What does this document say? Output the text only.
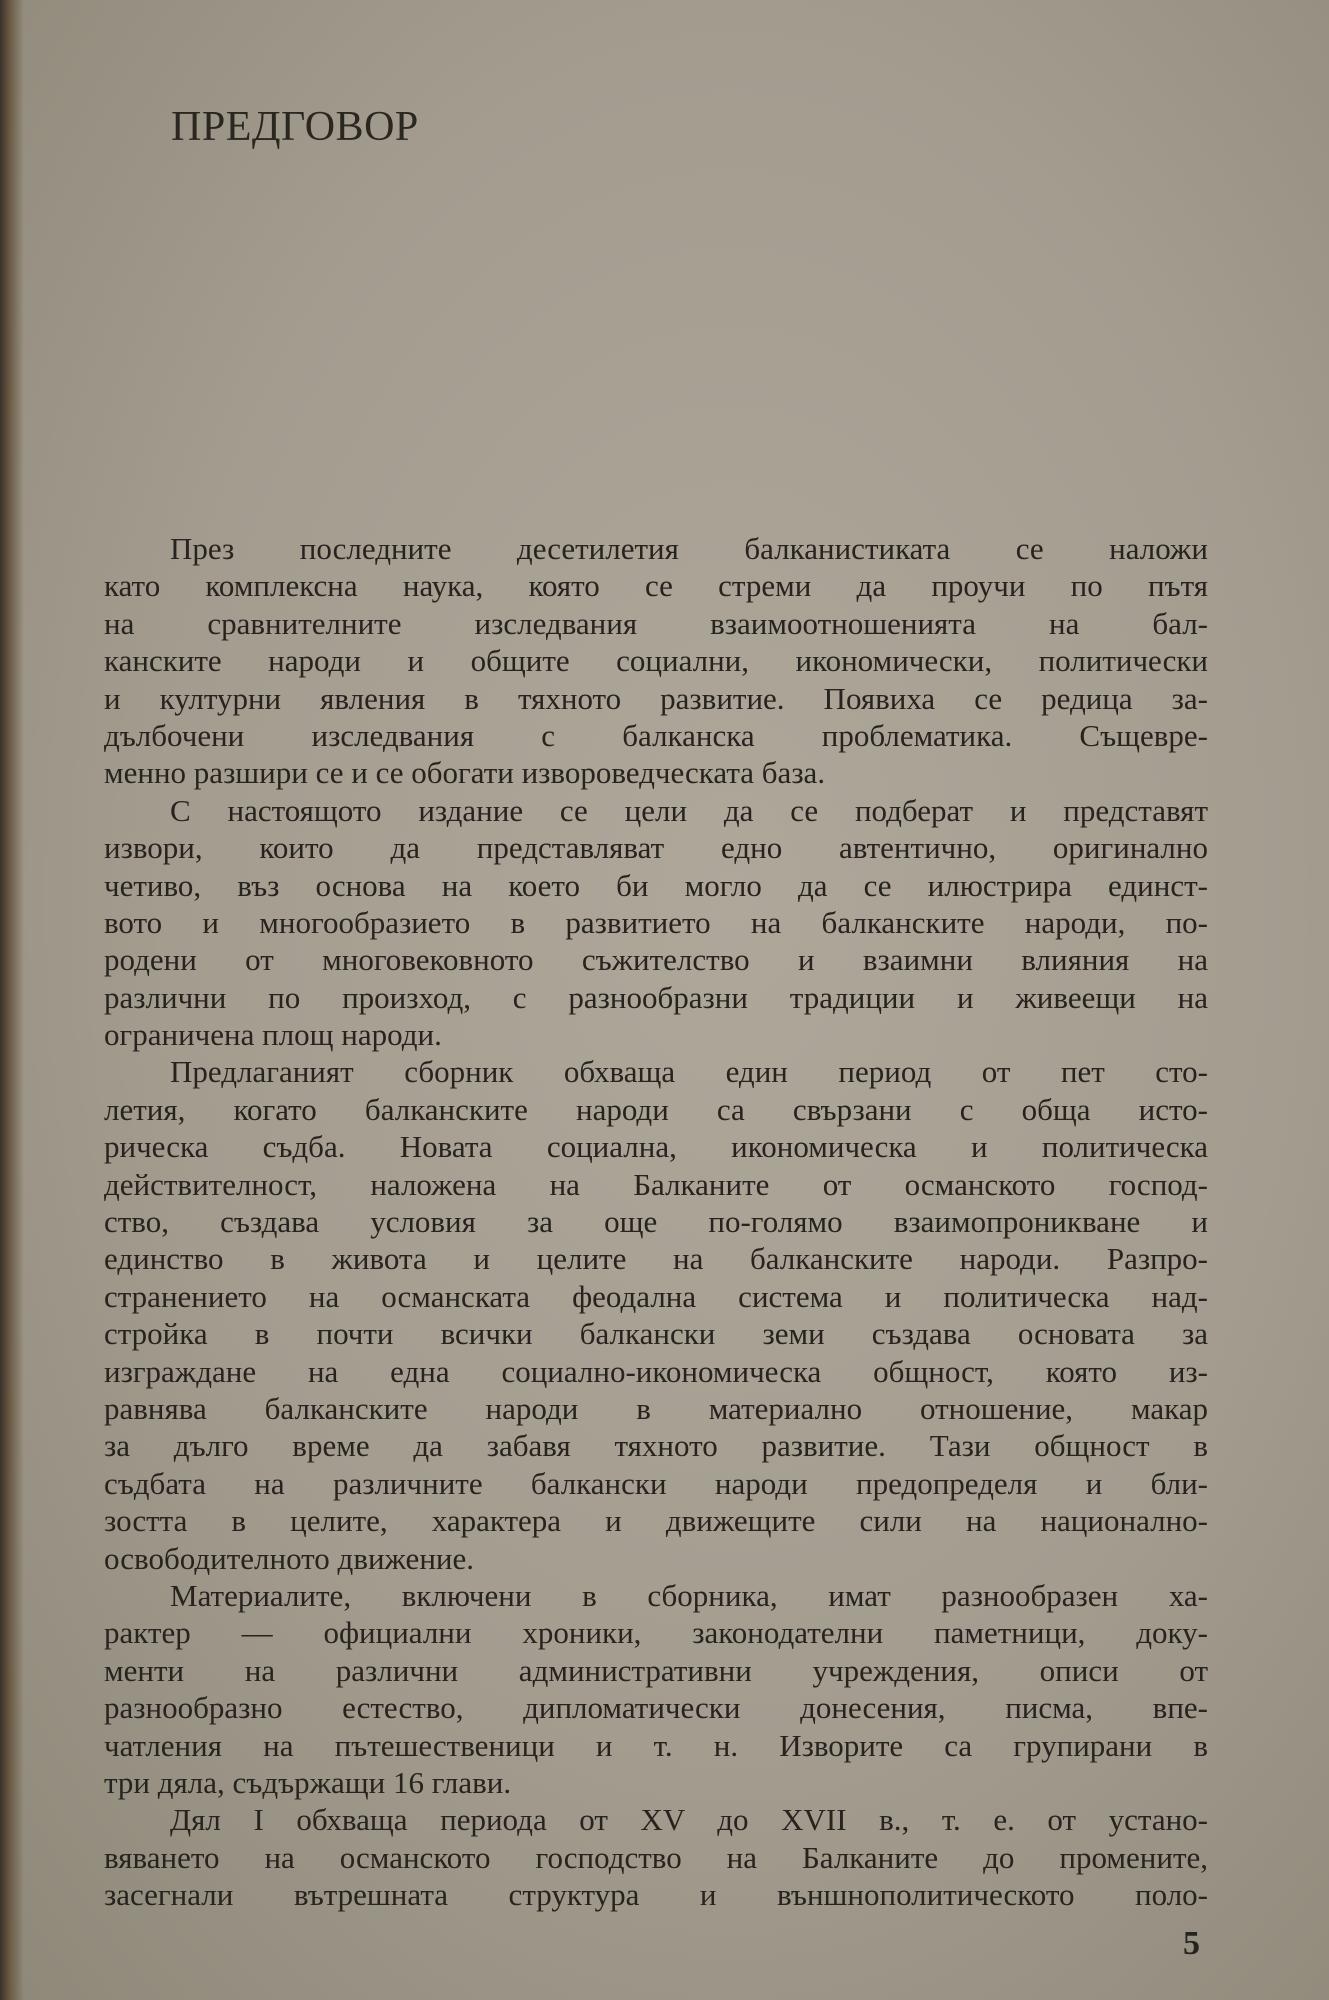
ПРЕДГОВОР
През последните десетилетия балканистиката се наложи
като комплексна наука, която се стреми да проучи по пътя
на сравнителните изследвания взаимоотношенията на бал-
канските народи и общите социални, икономически, политически
и културни явления в тяхното развитие. Появиха се редица за-
дълбочени изследвания с балканска проблематика. Същевре-
менно разшири се и се обогати извороведческата база.
С настоящото издание се цели да се подберат и представят
извори, които да представляват едно автентично, оригинално
четиво, въз основа на което би могло да се илюстрира единст-
вото и многообразието в развитието на балканските народи, по-
родени от многовековното съжителство и взаимни влияния на
различни по произход, с разнообразни традиции и живеещи на
ограничена площ народи.
Предлаганият сборник обхваща един период от пет сто-
летия, когато балканските народи са свързани с обща исто-
рическа съдба. Новата социална, икономическа и политическа
действителност, наложена на Балканите от османското господ-
ство, създава условия за още по-голямо взаимопроникване и
единство в живота и целите на балканските народи. Разпро-
странението на османската феодална система и политическа над-
стройка в почти всички балкански земи създава основата за
изграждане на една социално-икономическа общност, която из-
равнява балканските народи в материално отношение, макар
за дълго време да забавя тяхното развитие. Тази общност в
съдбата на различните балкански народи предопределя и бли-
зостта в целите, характера и движещите сили на национално-
освободителното движение.
Материалите, включени в сборника, имат разнообразен ха-
рактер — официални хроники, законодателни паметници, доку-
менти на различни административни учреждения, описи от
разнообразно естество, дипломатически донесения, писма, впе-
чатления на пътешественици и т. н. Изворите са групирани в
три дяла, съдържащи 16 глави.
Дял I обхваща периода от XV до XVII в., т. е. от устано-
вяването на османското господство на Балканите до промените,
засегнали вътрешната структура и външнополитическото поло-
5
